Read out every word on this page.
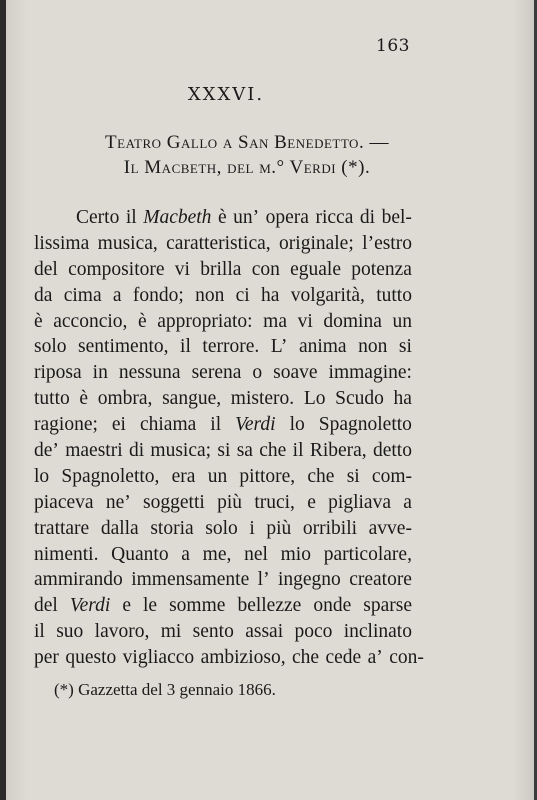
163
XXXVI.
Teatro Gallo a San Benedetto. —
Il Macbeth, del m.° Verdi (*).
Certo il Macbeth è un’ opera ricca di bel-
lissima musica, caratteristica, originale; l’estro
del compositore vi brilla con eguale potenza
da cima a fondo; non ci ha volgarità, tutto
è acconcio, è appropriato: ma vi domina un
solo sentimento, il terrore. L’ anima non si
riposa in nessuna serena o soave immagine:
tutto è ombra, sangue, mistero. Lo Scudo ha
ragione; ei chiama il Verdi lo Spagnoletto
de’ maestri di musica; si sa che il Ribera, detto
lo Spagnoletto, era un pittore, che si com-
piaceva ne’ soggetti più truci, e pigliava a
trattare dalla storia solo i più orribili avve-
nimenti. Quanto a me, nel mio particolare,
ammirando immensamente l’ ingegno creatore
del Verdi e le somme bellezze onde sparse
il suo lavoro, mi sento assai poco inclinato
per questo vigliacco ambizioso, che cede a’ con-
(*) Gazzetta del 3 gennaio 1866.
